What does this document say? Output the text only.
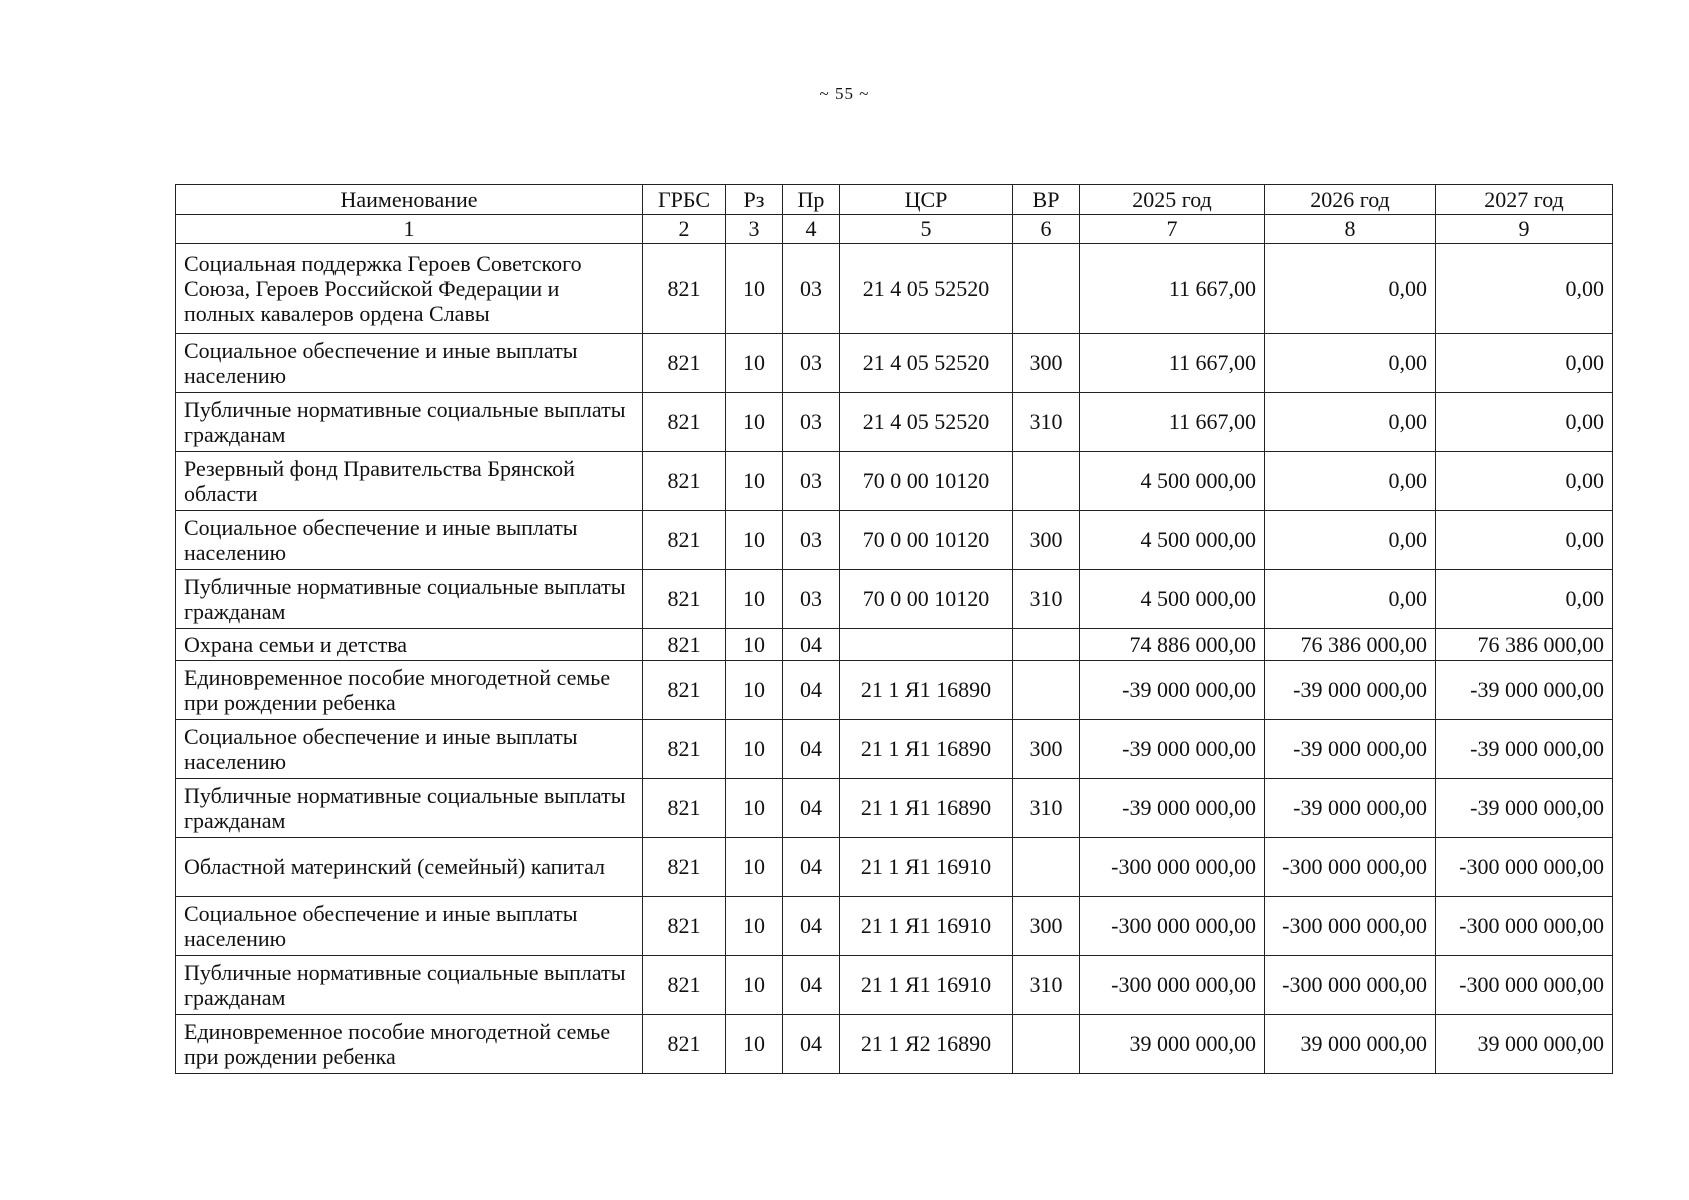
~ 55 ~
Наименование	ГРБС	Рз	Пр	ЦСР	ВР	2025 год	2026 год	2027 год
1	2	3	4	5	6	7	8	9
Социальная поддержка Героев Советского Союза, Героев Российской Федерации и полных кавалеров ордена Славы	821	10	03	21 4 05 52520		11 667,00	0,00	0,00
Социальное обеспечение и иные выплаты населению	821	10	03	21 4 05 52520	300	11 667,00	0,00	0,00
Публичные нормативные социальные выплаты гражданам	821	10	03	21 4 05 52520	310	11 667,00	0,00	0,00
Резервный фонд Правительства Брянской области	821	10	03	70 0 00 10120		4 500 000,00	0,00	0,00
Социальное обеспечение и иные выплаты населению	821	10	03	70 0 00 10120	300	4 500 000,00	0,00	0,00
Публичные нормативные социальные выплаты гражданам	821	10	03	70 0 00 10120	310	4 500 000,00	0,00	0,00
Охрана семьи и детства	821	10	04			74 886 000,00	76 386 000,00	76 386 000,00
Единовременное пособие многодетной семье при рождении ребенка	821	10	04	21 1 Я1 16890		-39 000 000,00	-39 000 000,00	-39 000 000,00
Социальное обеспечение и иные выплаты населению	821	10	04	21 1 Я1 16890	300	-39 000 000,00	-39 000 000,00	-39 000 000,00
Публичные нормативные социальные выплаты гражданам	821	10	04	21 1 Я1 16890	310	-39 000 000,00	-39 000 000,00	-39 000 000,00
Областной материнский (семейный) капитал	821	10	04	21 1 Я1 16910		-300 000 000,00	-300 000 000,00	-300 000 000,00
Социальное обеспечение и иные выплаты населению	821	10	04	21 1 Я1 16910	300	-300 000 000,00	-300 000 000,00	-300 000 000,00
Публичные нормативные социальные выплаты гражданам	821	10	04	21 1 Я1 16910	310	-300 000 000,00	-300 000 000,00	-300 000 000,00
Единовременное пособие многодетной семье при рождении ребенка	821	10	04	21 1 Я2 16890		39 000 000,00	39 000 000,00	39 000 000,00
